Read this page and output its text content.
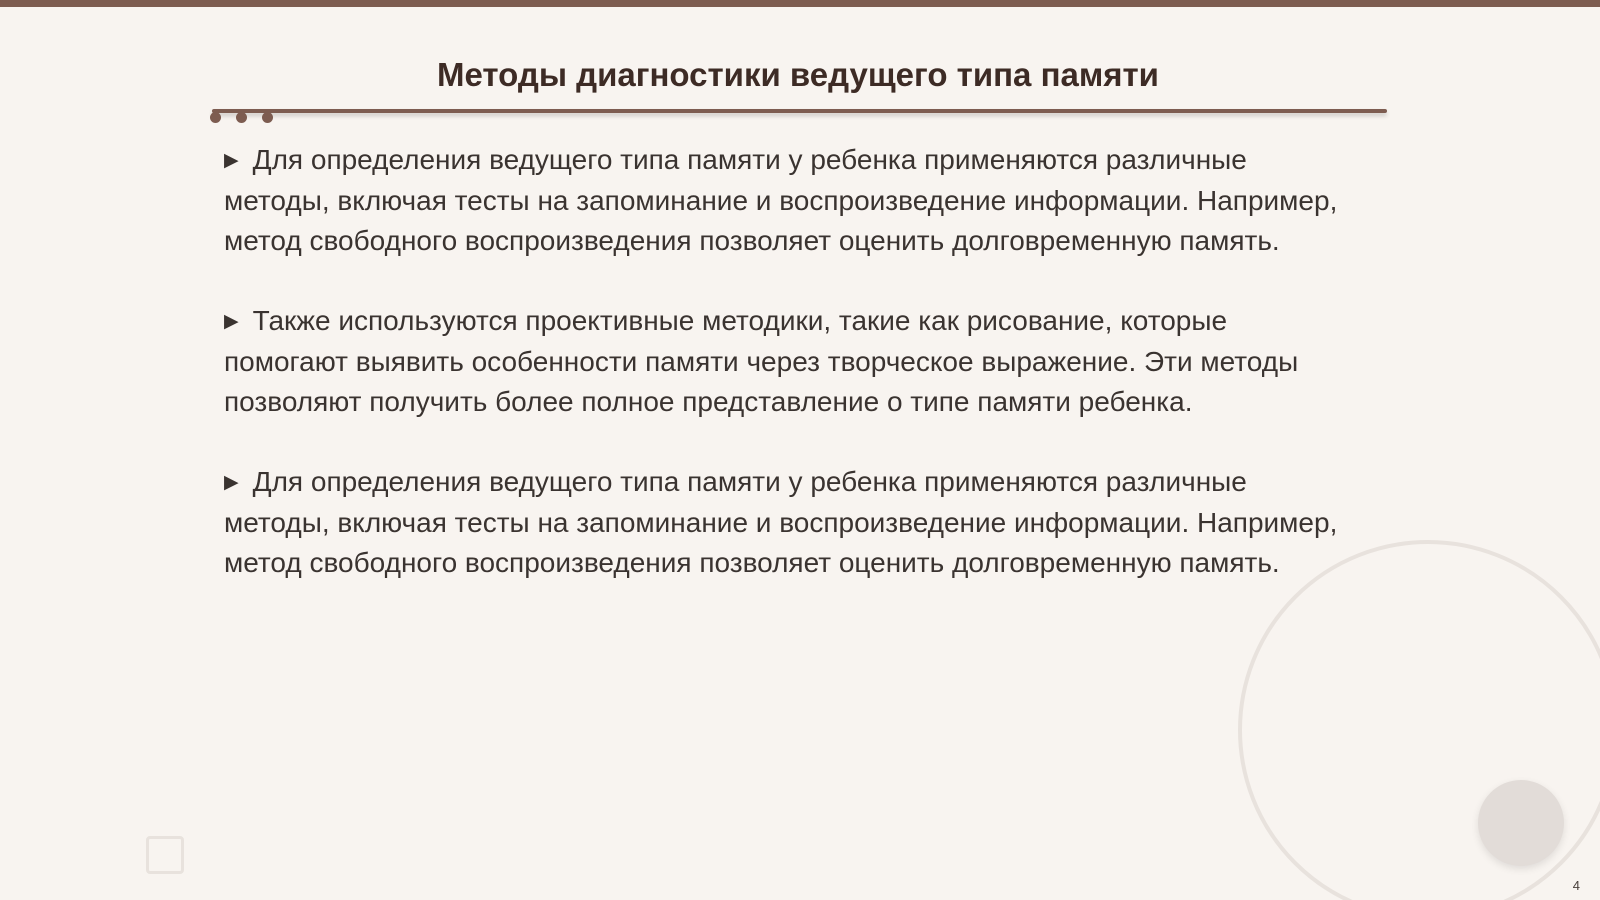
Методы диагностики ведущего типа памяти

▶ Для определения ведущего типа памяти у ребенка применяются различные методы, включая тесты на запоминание и воспроизведение информации. Например, метод свободного воспроизведения позволяет оценить долговременную память.

▶ Также используются проективные методики, такие как рисование, которые помогают выявить особенности памяти через творческое выражение. Эти методы позволяют получить более полное представление о типе памяти ребенка.

▶ Для определения ведущего типа памяти у ребенка применяются различные методы, включая тесты на запоминание и воспроизведение информации. Например, метод свободного воспроизведения позволяет оценить долговременную память.

4
